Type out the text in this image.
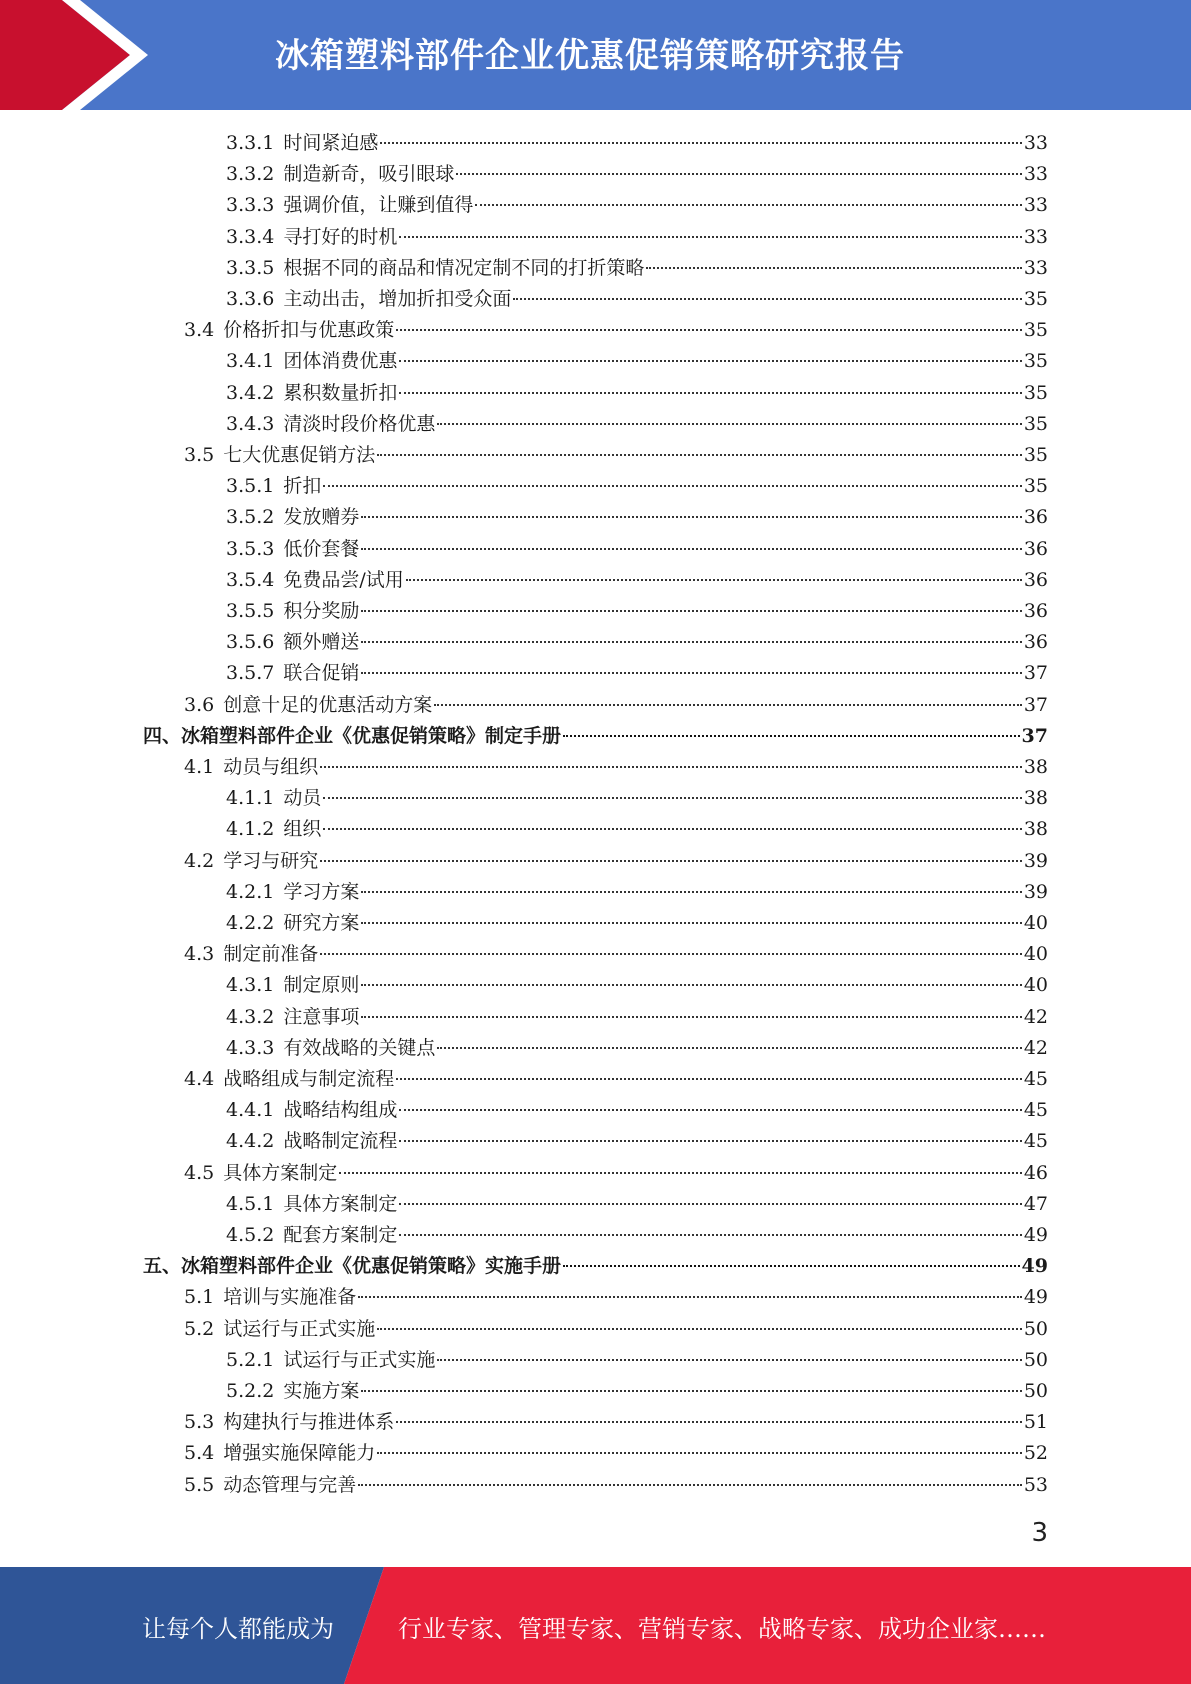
冰箱塑料部件企业优惠促销策略研究报告
3.3.1 时间紧迫感	33
3.3.2 制造新奇，吸引眼球	33
3.3.3 强调价值，让赚到值得	33
3.3.4 寻打好的时机	33
3.3.5 根据不同的商品和情况定制不同的打折策略	33
3.3.6 主动出击，增加折扣受众面	35
3.4 价格折扣与优惠政策	35
3.4.1 团体消费优惠	35
3.4.2 累积数量折扣	35
3.4.3 清淡时段价格优惠	35
3.5 七大优惠促销方法	35
3.5.1 折扣	35
3.5.2 发放赠券	36
3.5.3 低价套餐	36
3.5.4 免费品尝/试用	36
3.5.5 积分奖励	36
3.5.6 额外赠送	36
3.5.7 联合促销	37
3.6 创意十足的优惠活动方案	37
四、冰箱塑料部件企业《优惠促销策略》制定手册	37
4.1 动员与组织	38
4.1.1 动员	38
4.1.2 组织	38
4.2 学习与研究	39
4.2.1 学习方案	39
4.2.2 研究方案	40
4.3 制定前准备	40
4.3.1 制定原则	40
4.3.2 注意事项	42
4.3.3 有效战略的关键点	42
4.4 战略组成与制定流程	45
4.4.1 战略结构组成	45
4.4.2 战略制定流程	45
4.5 具体方案制定	46
4.5.1 具体方案制定	47
4.5.2 配套方案制定	49
五、冰箱塑料部件企业《优惠促销策略》实施手册	49
5.1 培训与实施准备	49
5.2 试运行与正式实施	50
5.2.1 试运行与正式实施	50
5.2.2 实施方案	50
5.3 构建执行与推进体系	51
5.4 增强实施保障能力	52
5.5 动态管理与完善	53
3
让每个人都能成为	行业专家、管理专家、营销专家、战略专家、成功企业家……
